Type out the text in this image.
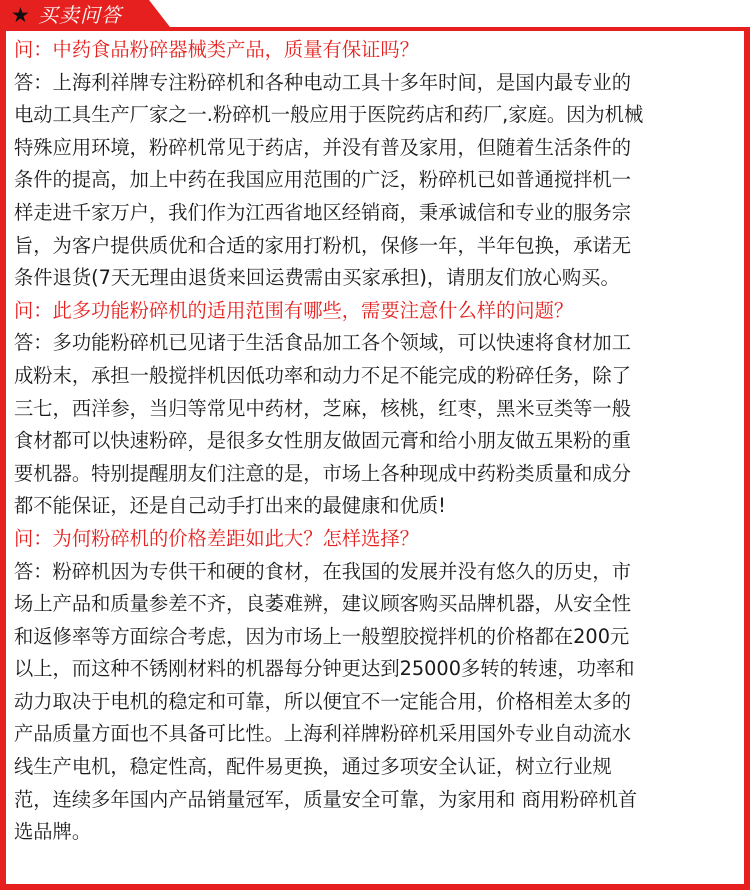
★ 买卖问答
问：中药食品粉碎器械类产品，质量有保证吗？
答：上海利祥牌专注粉碎机和各种电动工具十多年时间，是国内最专业的
电动工具生产厂家之一.粉碎机一般应用于医院药店和药厂,家庭。因为机械
特殊应用环境，粉碎机常见于药店，并没有普及家用，但随着生活条件的
条件的提高，加上中药在我国应用范围的广泛，粉碎机已如普通搅拌机一
样走进千家万户，我们作为江西省地区经销商，秉承诚信和专业的服务宗
旨，为客户提供质优和合适的家用打粉机，保修一年，半年包换，承诺无
条件退货(7天无理由退货来回运费需由买家承担)，请朋友们放心购买。
问：此多功能粉碎机的适用范围有哪些，需要注意什么样的问题？
答：多功能粉碎机已见诸于生活食品加工各个领域，可以快速将食材加工
成粉末，承担一般搅拌机因低功率和动力不足不能完成的粉碎任务，除了
三七，西洋参，当归等常见中药材，芝麻，核桃，红枣，黑米豆类等一般
食材都可以快速粉碎，是很多女性朋友做固元膏和给小朋友做五果粉的重
要机器。特别提醒朋友们注意的是，市场上各种现成中药粉类质量和成分
都不能保证，还是自己动手打出来的最健康和优质!
问：为何粉碎机的价格差距如此大？怎样选择？
答：粉碎机因为专供干和硬的食材，在我国的发展并没有悠久的历史，市
场上产品和质量参差不齐，良萎难辨，建议顾客购买品牌机器，从安全性
和返修率等方面综合考虑，因为市场上一般塑胶搅拌机的价格都在200元
以上，而这种不锈刚材料的机器每分钟更达到25000多转的转速，功率和
动力取决于电机的稳定和可靠，所以便宜不一定能合用，价格相差太多的
产品质量方面也不具备可比性。上海利祥牌粉碎机采用国外专业自动流水
线生产电机，稳定性高，配件易更换，通过多项安全认证，树立行业规
范，连续多年国内产品销量冠军，质量安全可靠，为家用和 商用粉碎机首
选品牌。
